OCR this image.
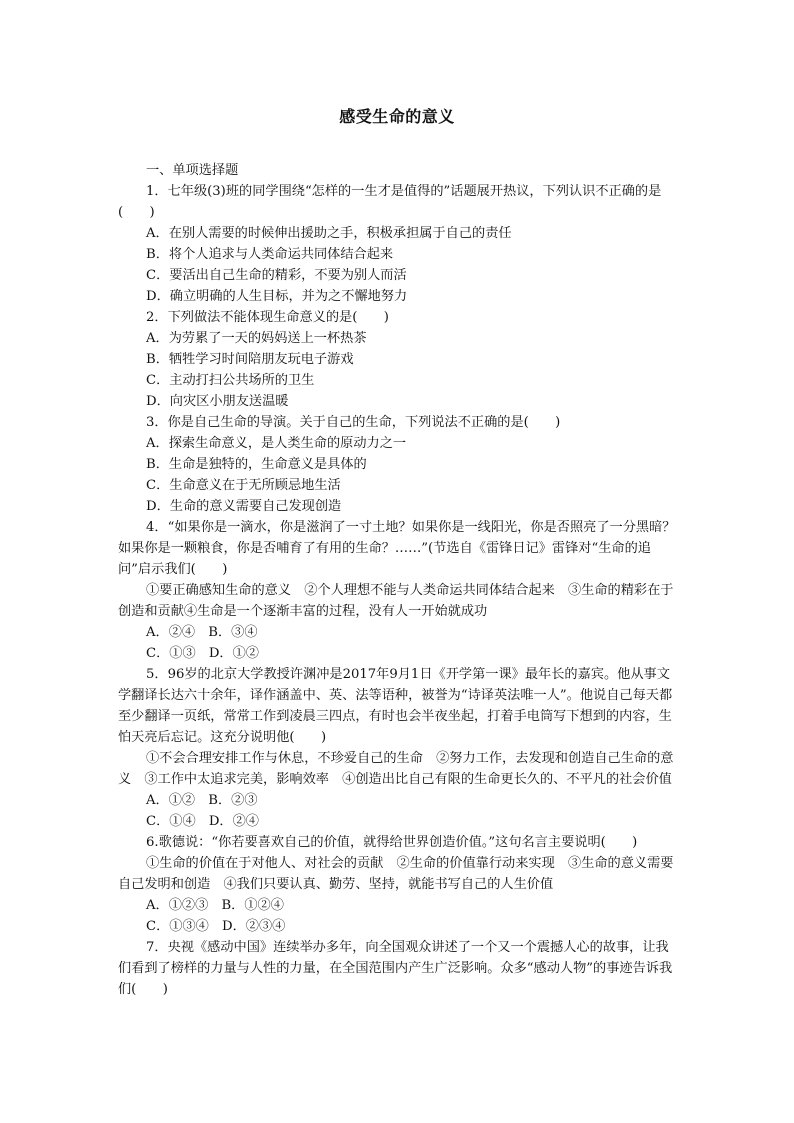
感受生命的意义

一、单项选择题

1．七年级(3)班的同学围绕“怎样的一生才是值得的”话题展开热议，下列认识不正确的是(　　)

A．在别人需要的时候伸出援助之手，积极承担属于自己的责任

B．将个人追求与人类命运共同体结合起来

C．要活出自己生命的精彩，不要为别人而活

D．确立明确的人生目标，并为之不懈地努力

2．下列做法不能体现生命意义的是(　　)

A．为劳累了一天的妈妈送上一杯热茶

B．牺牲学习时间陪朋友玩电子游戏

C．主动打扫公共场所的卫生

D．向灾区小朋友送温暖

3．你是自己生命的导演。关于自己的生命，下列说法不正确的是(　　)

A．探索生命意义，是人类生命的原动力之一

B．生命是独特的，生命意义是具体的

C．生命意义在于无所顾忌地生活

D．生命的意义需要自己发现创造

4．“如果你是一滴水，你是滋润了一寸土地？如果你是一线阳光，你是否照亮了一分黑暗？如果你是一颗粮食，你是否哺育了有用的生命？……”(节选自《雷锋日记》雷锋对“生命的追问”启示我们(　　)

①要正确感知生命的意义　②个人理想不能与人类命运共同体结合起来　③生命的精彩在于创造和贡献④生命是一个逐渐丰富的过程，没有人一开始就成功

A．②④　B．③④

C．①③　D．①②

5．96岁的北京大学教授许渊冲是2017年9月1日《开学第一课》最年长的嘉宾。他从事文学翻译长达六十余年，译作涵盖中、英、法等语种，被誉为“诗译英法唯一人”。他说自己每天都至少翻译一页纸，常常工作到凌晨三四点，有时也会半夜坐起，打着手电筒写下想到的内容，生怕天亮后忘记。这充分说明他(　　)

①不会合理安排工作与休息，不珍爱自己的生命　②努力工作，去发现和创造自己生命的意义　③工作中太追求完美，影响效率　④创造出比自己有限的生命更长久的、不平凡的社会价值

A．①②　B．②③

C．①④　D．②④

6.歌德说：“你若要喜欢自己的价值，就得给世界创造价值。”这句名言主要说明(　　)

①生命的价值在于对他人、对社会的贡献　②生命的价值靠行动来实现　③生命的意义需要自己发明和创造　④我们只要认真、勤劳、坚持，就能书写自己的人生价值

A．①②③　B．①②④

C．①③④　D．②③④

7．央视《感动中国》连续举办多年，向全国观众讲述了一个又一个震撼人心的故事，让我们看到了榜样的力量与人性的力量，在全国范围内产生广泛影响。众多“感动人物”的事迹告诉我们(　　)
